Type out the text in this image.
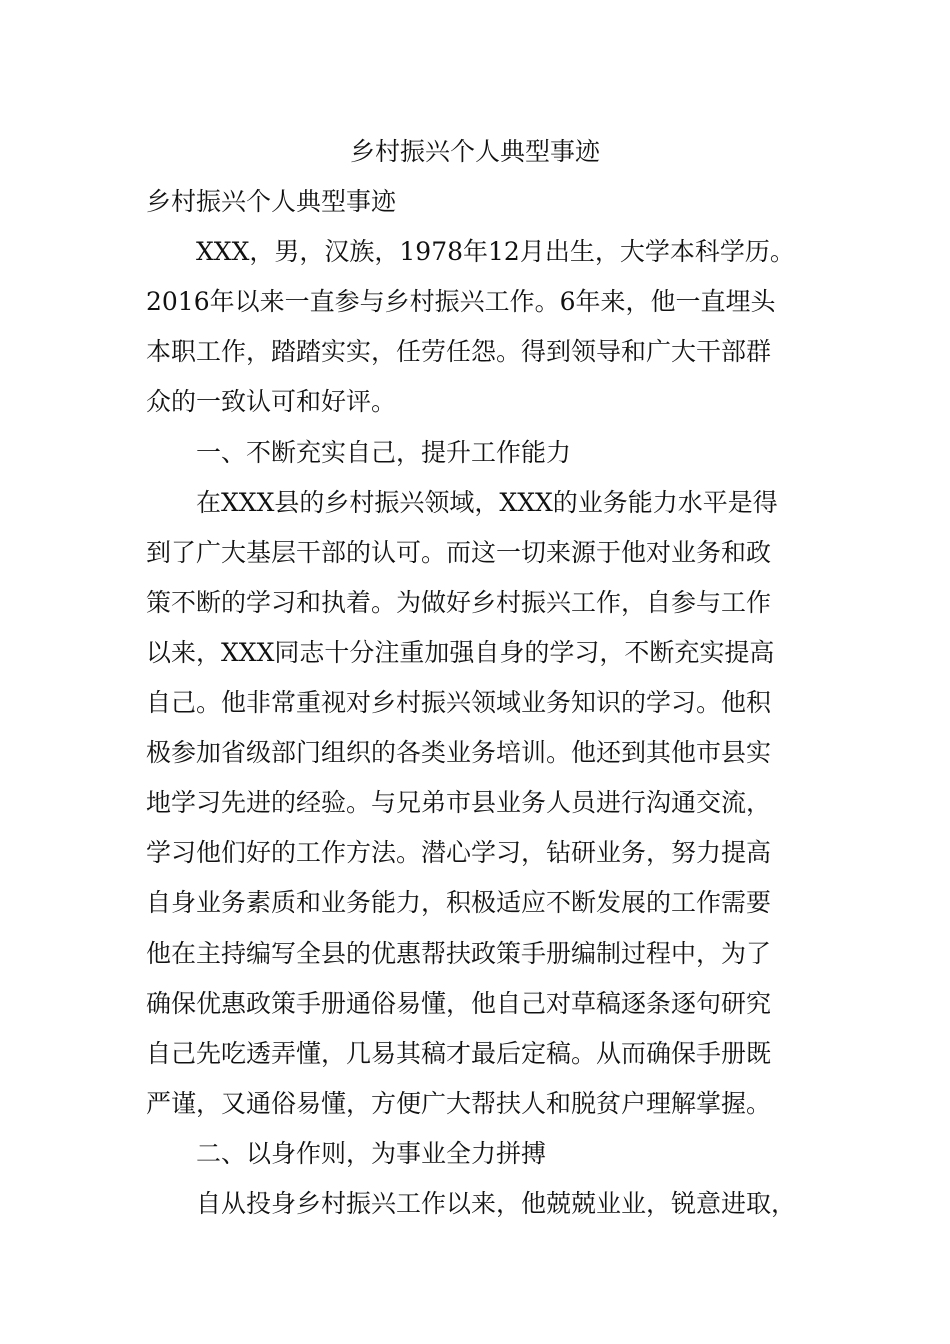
乡村振兴个人典型事迹
乡村振兴个人典型事迹
　　XXX，男，汉族，1978年12月出生，大学本科学历。
2016年以来一直参与乡村振兴工作。6年来，他一直埋头
本职工作，踏踏实实，任劳任怨。得到领导和广大干部群
众的一致认可和好评。
　　一、不断充实自己，提升工作能力
　　在XXX县的乡村振兴领域，XXX的业务能力水平是得
到了广大基层干部的认可。而这一切来源于他对业务和政
策不断的学习和执着。为做好乡村振兴工作，自参与工作
以来，XXX同志十分注重加强自身的学习，不断充实提高
自己。他非常重视对乡村振兴领域业务知识的学习。他积
极参加省级部门组织的各类业务培训。他还到其他市县实
地学习先进的经验。与兄弟市县业务人员进行沟通交流，
学习他们好的工作方法。潜心学习，钻研业务，努力提高
自身业务素质和业务能力，积极适应不断发展的工作需要
他在主持编写全县的优惠帮扶政策手册编制过程中，为了
确保优惠政策手册通俗易懂，他自己对草稿逐条逐句研究
自己先吃透弄懂，几易其稿才最后定稿。从而确保手册既
严谨，又通俗易懂，方便广大帮扶人和脱贫户理解掌握。
　　二、以身作则，为事业全力拼搏
　　自从投身乡村振兴工作以来，他兢兢业业，锐意进取，
